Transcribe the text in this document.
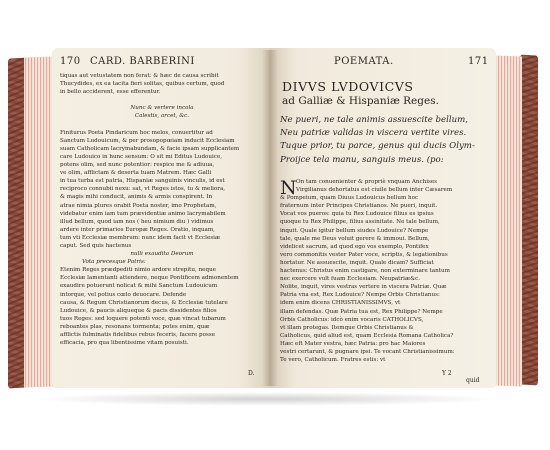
170 CARD. BARBERINI
tiquas aut vetustatem non ferat: & hæc de causa scribit
Thucydides, ex ea tacita fieri solitas, quibus certum, quod
in bello acciderent, esse efferentur.

Nunc & vertere incola
Calestis, arcet, &c.

Finiturus Poeta Pindaricum hoc melos, conuertitur ad
Sanctum Ludouicum, & per prosopopœiam inducit Ecclesiam
suam Catholicam lacrymabundam, & facie ipsam supplicantem
care Ludouico in hunc sensum: O sit mi Editus Ludouice,
potens olim, sed nunc potentior: respice me & adiuua,
ve olim, afflictam & deserta tuam Matrem. Hæc Galli
in tua turba est patria, Hispaniæ sanguinis vinculis, id est
reciproco connubii nexu: sat, vt Reges istos, tu & meliora,
& magis mihi conducit, animis & armis conspirent. In
atrae nimia plures orabit Poeta noster, imo Prophetam,
videbatur enim iam tum prævidentiæ animo lacrymabilem
illud bellum, quod iam nos ( heu nimium diu ) vidimus
ardere inter primarios Europæ Reges. Oratio, inquam,
tum vti Ecclesiæ membrum: nunc idem facit vt Ecclesiæ
caput. Sed quis hactenus
nulli exaudita Deorum
Vota precesque Patris:
Etenim Reges prædpediti nimio ardore strepitu, neque
Ecclesiæ lamentanti attendere, neque Pontificem admonentem
exaudire potuerunt nolicat & mihi Sanctum Ludouicum
intorque, vel potius cœlo deuocare. Defende
causa, & Regum Christianorum decus, & Ecclesiæ tutelare
Ludouice, & paucis aliqueque & pacis dissidentes filios
tuos Reges: sed loquere potenti voce, quæ vincat tubarum
reboantes plas, resonans tormenta; potes enim, quæ
afflictis fulminatis fidelibus rebus feceris, facere posse
efficacia, pro qua libentissime vitam posuisti.
D.
POEMATA.	171
DIVVS LVDOVICVS
ad Galliæ & Hispaniæ Reges.
Ne pueri, ne tale animis assuescite bellum,
Neu patriæ validas in viscera vertite vires.
Tuque prior, tu parce, genus qui ducis Olym-
Proijce tela manu, sanguis meus. (po:
N On tam conuenienter & propriè vnquam Anchises
Virgilianus dehortatus est ciuile bellum inter Cæsarem
& Pompeium, quam Diuus Ludouicus bellum hoc
fraternum inter Principes Christianos. Ne pueri, inquit.
Vocat vos pueros: quia tu Rex Ludouice filius es ipsius
quoque tu Rex Philippe, filius assinitate. Ne tale bellum,
inquit. Quale igitur bellum siudes Ludouice? Nempe
tale, quale me Deus voluit gerere & immoui. Bellum,
videlicet sacrum, ad quod ego vos exemplo, Pontifex
vero commonitis vester Pater voce, scriptis, & legationibus
hortatur. Ne assuescite, inquit. Quale dicam? Sufficiat
hactenus: Christus enim castigare, non exterminare tantum
nec exercere vult fuam Ecclesiam. Neupatriæ&c.
Nolite, inquit, vires vestras vertere in viscera Patriæ. Quæ
Patria vna est, Rex Ludouice? Nempe Orbis Christianus:
idem enim dicens CHRISTIANISSIMVS, vt
illam defendas. Quæ Patria tua est, Rex Philippe? Nempe
Orbis Catholicus: idcò enim vocaris CATHOLICVS,
vt illam protegas. Itemque Orbis Christianus &
Catholicus, quid aliud est, quam Ecclesia Romana Catholica?
Hæc eft Mater vestra, hæc Patria: pro hac Maiores
vestri certarunt, & pugnare ipsi. Te vocant Christianissimum:
Te vero, Catholicum. Fratres estis: vt
Y 2
quid
